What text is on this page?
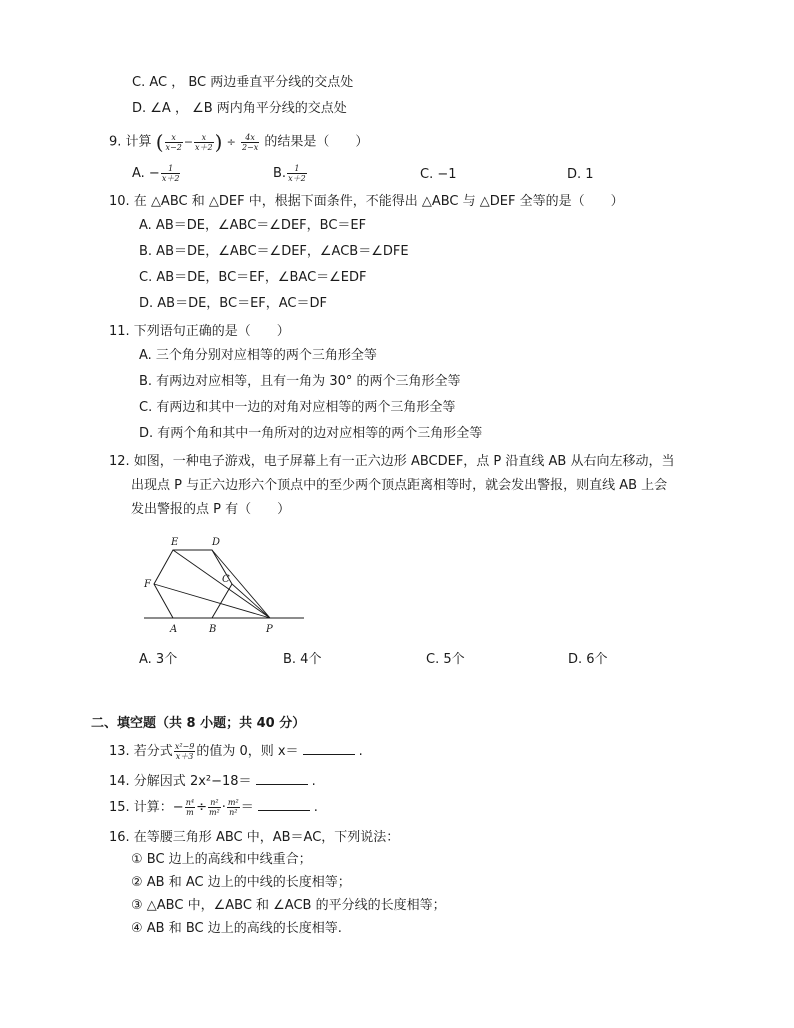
C. AC ， BC 两边垂直平分线的交点处
D. ∠A ， ∠B 两内角平分线的交点处
9. 计算 ( $\frac{x}{x-2} - \frac{x}{x+2}$ ) ÷ $\frac{4x}{2-x}$ 的结果是（　　）
A. − $\frac{1}{x+2}$	B. $\frac{1}{x+2}$	C. −1	D. 1
10. 在 △ABC 和 △DEF 中，根据下面条件，不能得出 △ABC 与 △DEF 全等的是（　　）
A. AB＝DE，∠ABC＝∠DEF，BC＝EF
B. AB＝DE，∠ABC＝∠DEF，∠ACB＝∠DFE
C. AB＝DE，BC＝EF，∠BAC＝∠EDF
D. AB＝DE，BC＝EF，AC＝DF
11. 下列语句正确的是（　　）
A. 三个角分别对应相等的两个三角形全等
B. 有两边对应相等，且有一角为 30° 的两个三角形全等
C. 有两边和其中一边的对角对应相等的两个三角形全等
D. 有两个角和其中一角所对的边对应相等的两个三角形全等
12. 如图，一种电子游戏，电子屏幕上有一正六边形 ABCDEF，点 P 沿直线 AB 从右向左移动，当
出现点 P 与正六边形六个顶点中的至少两个顶点距离相等时，就会发出警报，则直线 AB 上会
发出警报的点 P 有（　　）
E	D
F	C
A	B	P
A. 3个	B. 4个	C. 5个	D. 6个
二、填空题（共 8 小题；共 40 分）
13. 若分式 $\frac{\text{x²−9}}{x+3}$ 的值为 0，则 x＝	.
14. 分解因式 2x²−18＝	.
15. 计算：− $\frac{\text{n⁴}}{m} \div \frac{\text{n²}}{\text{m²}} \cdot \frac{\text{m²}}{\text{n²}}$ ＝	.
16. 在等腰三角形 ABC 中，AB＝AC，下列说法：
① BC 边上的高线和中线重合；
② AB 和 AC 边上的中线的长度相等；
③ △ABC 中，∠ABC 和 ∠ACB 的平分线的长度相等；
④ AB 和 BC 边上的高线的长度相等.
